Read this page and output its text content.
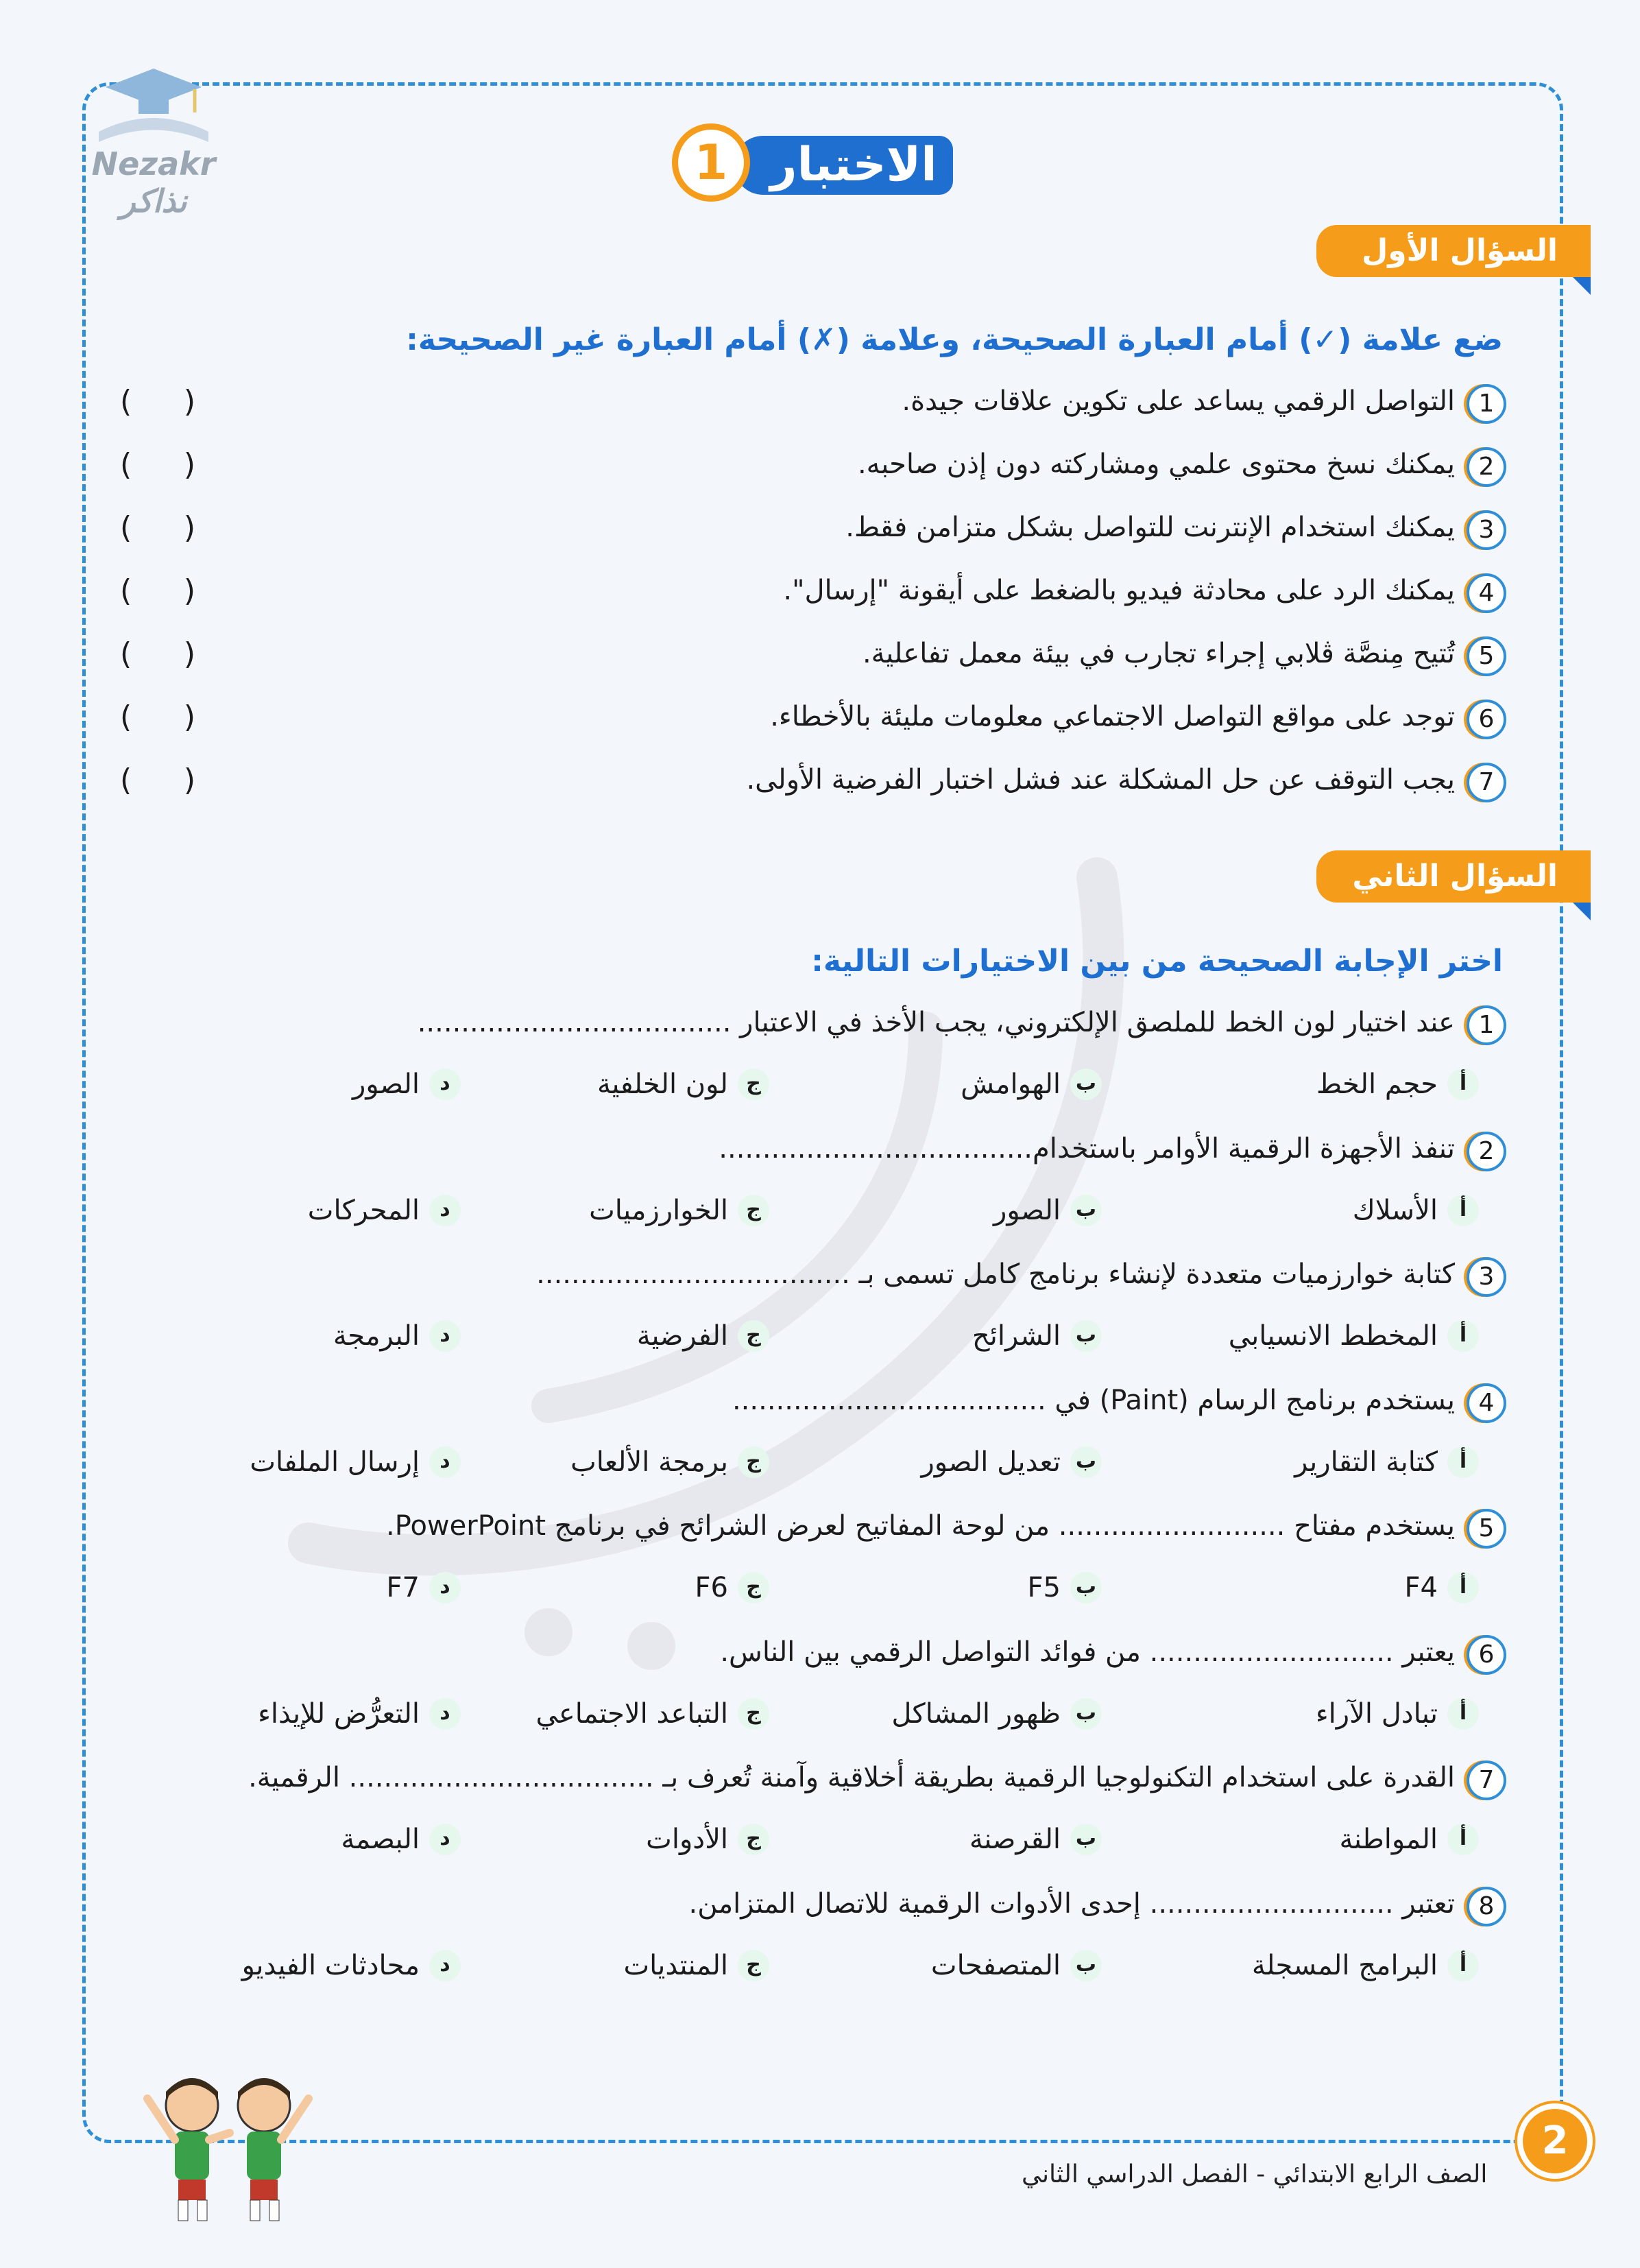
Nezakr نذاكر
الاختبار
1
السؤال الأول
ضع علامة (✓) أمام العبارة الصحيحة، وعلامة (✗) أمام العبارة غير الصحيحة:
1
التواصل الرقمي يساعد على تكوين علاقات جيدة.
(
)
2
يمكنك نسخ محتوى علمي ومشاركته دون إذن صاحبه.
(
)
3
يمكنك استخدام الإنترنت للتواصل بشكل متزامن فقط.
(
)
4
يمكنك الرد على محادثة فيديو بالضغط على أيقونة "إرسال".
(
)
5
تُتيح مِنصَّة ڤلابي إجراء تجارب في بيئة معمل تفاعلية.
(
)
6
توجد على مواقع التواصل الاجتماعي معلومات مليئة بالأخطاء.
(
)
7
يجب التوقف عن حل المشكلة عند فشل اختبار الفرضية الأولى.
(
)
السؤال الثاني
اختر الإجابة الصحيحة من بين الاختيارات التالية:
1
عند اختيار لون الخط للملصق الإلكتروني، يجب الأخذ في الاعتبار ....................................
أ
حجم الخط
ب
الهوامش
ج
لون الخلفية
د
الصور
2
تنفذ الأجهزة الرقمية الأوامر باستخدام....................................
أ
الأسلاك
ب
الصور
ج
الخوارزميات
د
المحركات
3
كتابة خوارزميات متعددة لإنشاء برنامج كامل تسمى بـ ....................................
أ
المخطط الانسيابي
ب
الشرائح
ج
الفرضية
د
البرمجة
4
يستخدم برنامج الرسام (Paint) في ....................................
أ
كتابة التقارير
ب
تعديل الصور
ج
برمجة الألعاب
د
إرسال الملفات
5
يستخدم مفتاح .......................... من لوحة المفاتيح لعرض الشرائح في برنامج PowerPoint.
أ
F4
ب
F5
ج
F6
د
F7
6
يعتبر ............................ من فوائد التواصل الرقمي بين الناس.
أ
تبادل الآراء
ب
ظهور المشاكل
ج
التباعد الاجتماعي
د
التعرُّض للإيذاء
7
القدرة على استخدام التكنولوجيا الرقمية بطريقة أخلاقية وآمنة تُعرف بـ ................................... الرقمية.
أ
المواطنة
ب
القرصنة
ج
الأدوات
د
البصمة
8
تعتبر ............................ إحدى الأدوات الرقمية للاتصال المتزامن.
أ
البرامج المسجلة
ب
المتصفحات
ج
المنتديات
د
محادثات الفيديو
الصف الرابع الابتدائي - الفصل الدراسي الثاني
2
